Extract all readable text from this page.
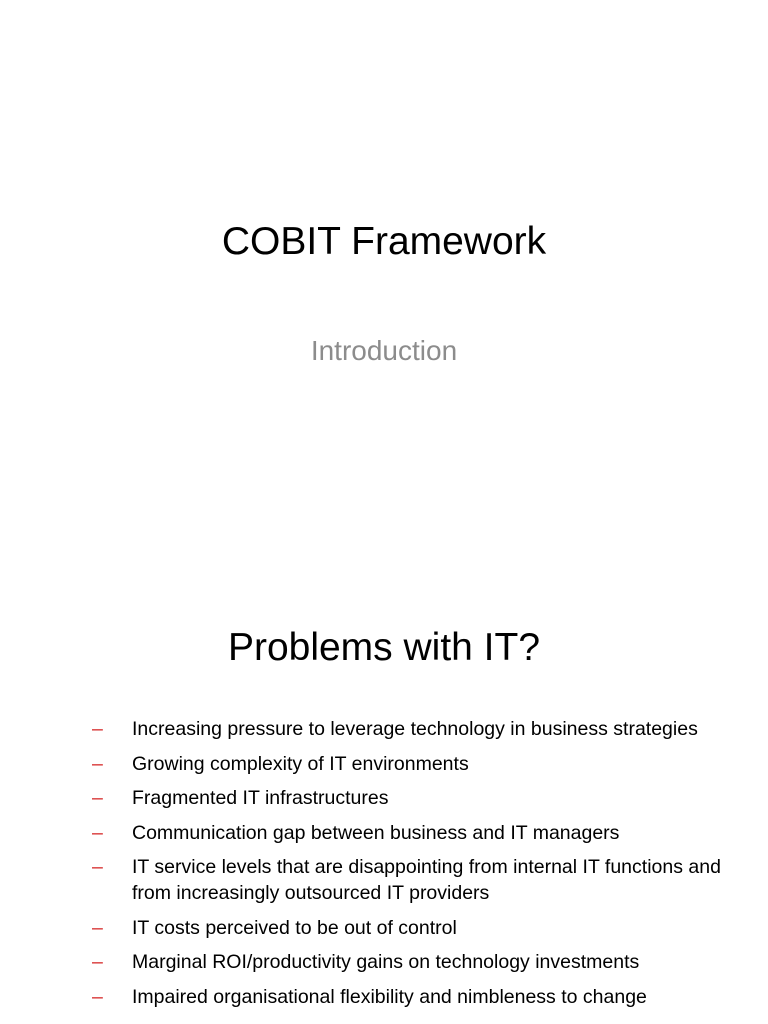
COBIT Framework

Introduction

Problems with IT?
– Increasing pressure to leverage technology in business strategies
– Growing complexity of IT environments
– Fragmented IT infrastructures
– Communication gap between business and IT managers
– IT service levels that are disappointing from internal IT functions and from increasingly outsourced IT providers
– IT costs perceived to be out of control
– Marginal ROI/productivity gains on technology investments
– Impaired organisational flexibility and nimbleness to change
